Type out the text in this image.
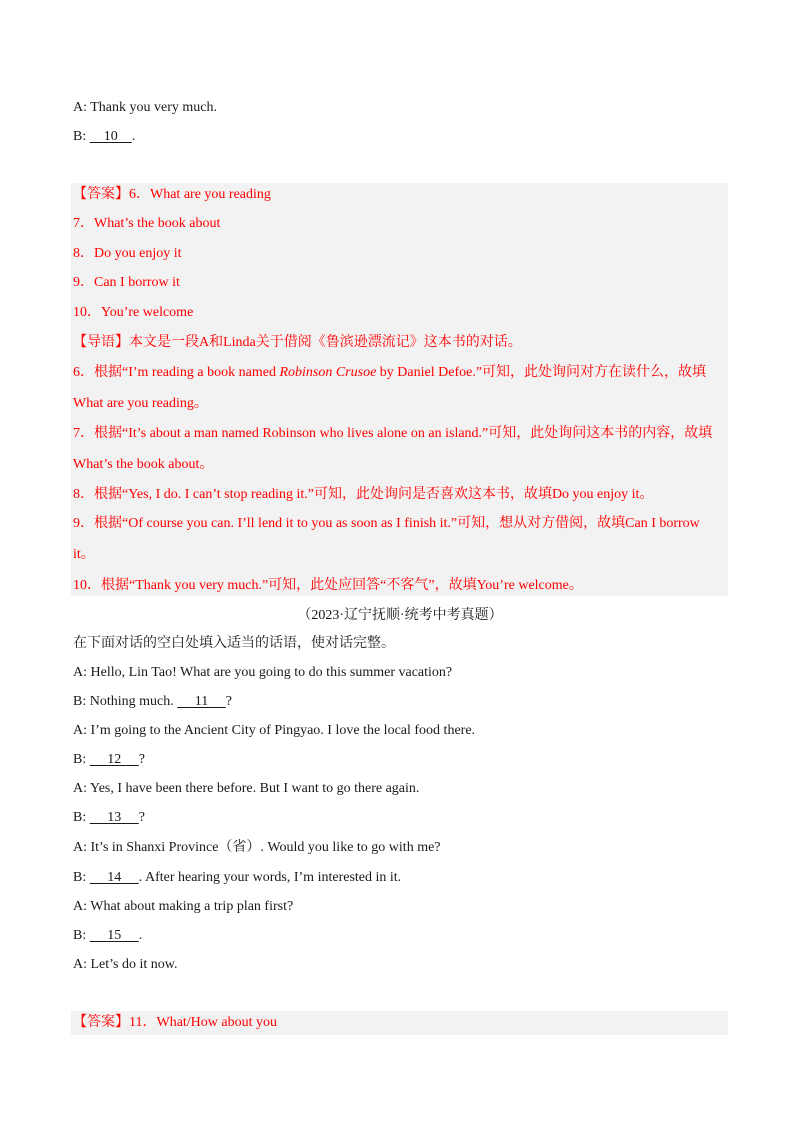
A: Thank you very much.
B:     10    .
【答案】6．What are you reading
7．What’s the book about
8．Do you enjoy it
9．Can I borrow it
10．You’re welcome
【导语】本文是一段A和Linda关于借阅《鲁滨逊漂流记》这本书的对话。
6．根据“I’m reading a book named Robinson Crusoe by Daniel Defoe.”可知，此处询问对方在读什么，故填
What are you reading。
7．根据“It’s about a man named Robinson who lives alone on an island.”可知，此处询问这本书的内容，故填
What’s the book about。
8．根据“Yes, I do. I can’t stop reading it.”可知，此处询问是否喜欢这本书，故填Do you enjoy it。
9．根据“Of course you can. I’ll lend it to you as soon as I finish it.”可知，想从对方借阅，故填Can I borrow
it。
10．根据“Thank you very much.”可知，此处应回答“不客气”，故填You’re welcome。
（2023·辽宁抚顺·统考中考真题）
在下面对话的空白处填入适当的话语，使对话完整。
A: Hello, Lin Tao! What are you going to do this summer vacation?
B: Nothing much.      11     ?
A: I’m going to the Ancient City of Pingyao. I love the local food there.
B:      12     ?
A: Yes, I have been there before. But I want to go there again.
B:      13     ?
A: It’s in Shanxi Province（省）. Would you like to go with me?
B:      14     . After hearing your words, I’m interested in it.
A: What about making a trip plan first?
B:      15     .
A: Let’s do it now.
【答案】11．What/How about you
